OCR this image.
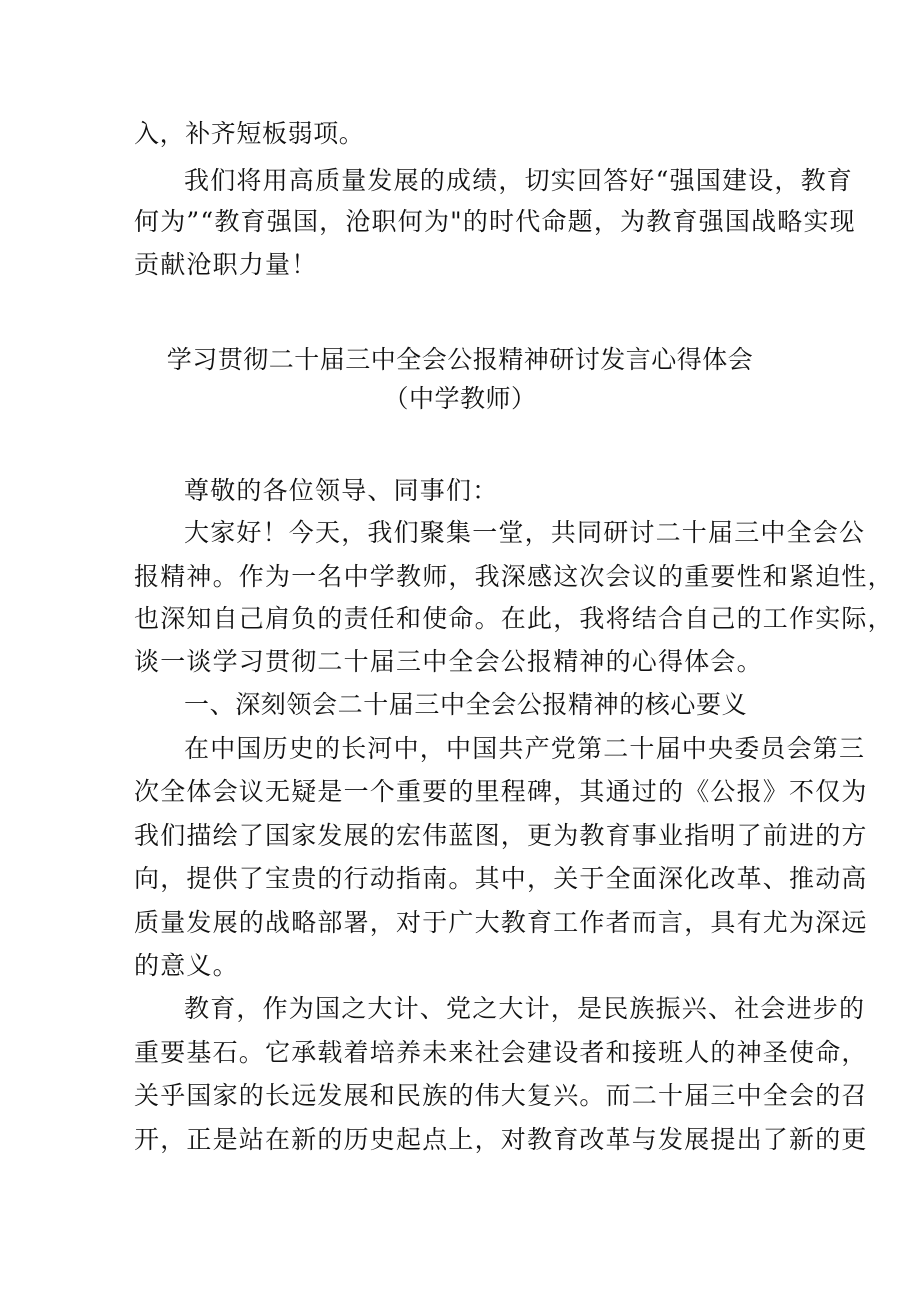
入，补齐短板弱项。
我们将用高质量发展的成绩，切实回答好“强国建设，教育
何为”“教育强国，沧职何为"的时代命题，为教育强国战略实现
贡献沧职力量！
学习贯彻二十届三中全会公报精神研讨发言心得体会
（中学教师）
尊敬的各位领导、同事们：
大家好！今天，我们聚集一堂，共同研讨二十届三中全会公
报精神。作为一名中学教师，我深感这次会议的重要性和紧迫性，
也深知自己肩负的责任和使命。在此，我将结合自己的工作实际，
谈一谈学习贯彻二十届三中全会公报精神的心得体会。
一、深刻领会二十届三中全会公报精神的核心要义
在中国历史的长河中，中国共产党第二十届中央委员会第三
次全体会议无疑是一个重要的里程碑，其通过的《公报》不仅为
我们描绘了国家发展的宏伟蓝图，更为教育事业指明了前进的方
向，提供了宝贵的行动指南。其中，关于全面深化改革、推动高
质量发展的战略部署，对于广大教育工作者而言，具有尤为深远
的意义。
教育，作为国之大计、党之大计，是民族振兴、社会进步的
重要基石。它承载着培养未来社会建设者和接班人的神圣使命，
关乎国家的长远发展和民族的伟大复兴。而二十届三中全会的召
开，正是站在新的历史起点上，对教育改革与发展提出了新的更
